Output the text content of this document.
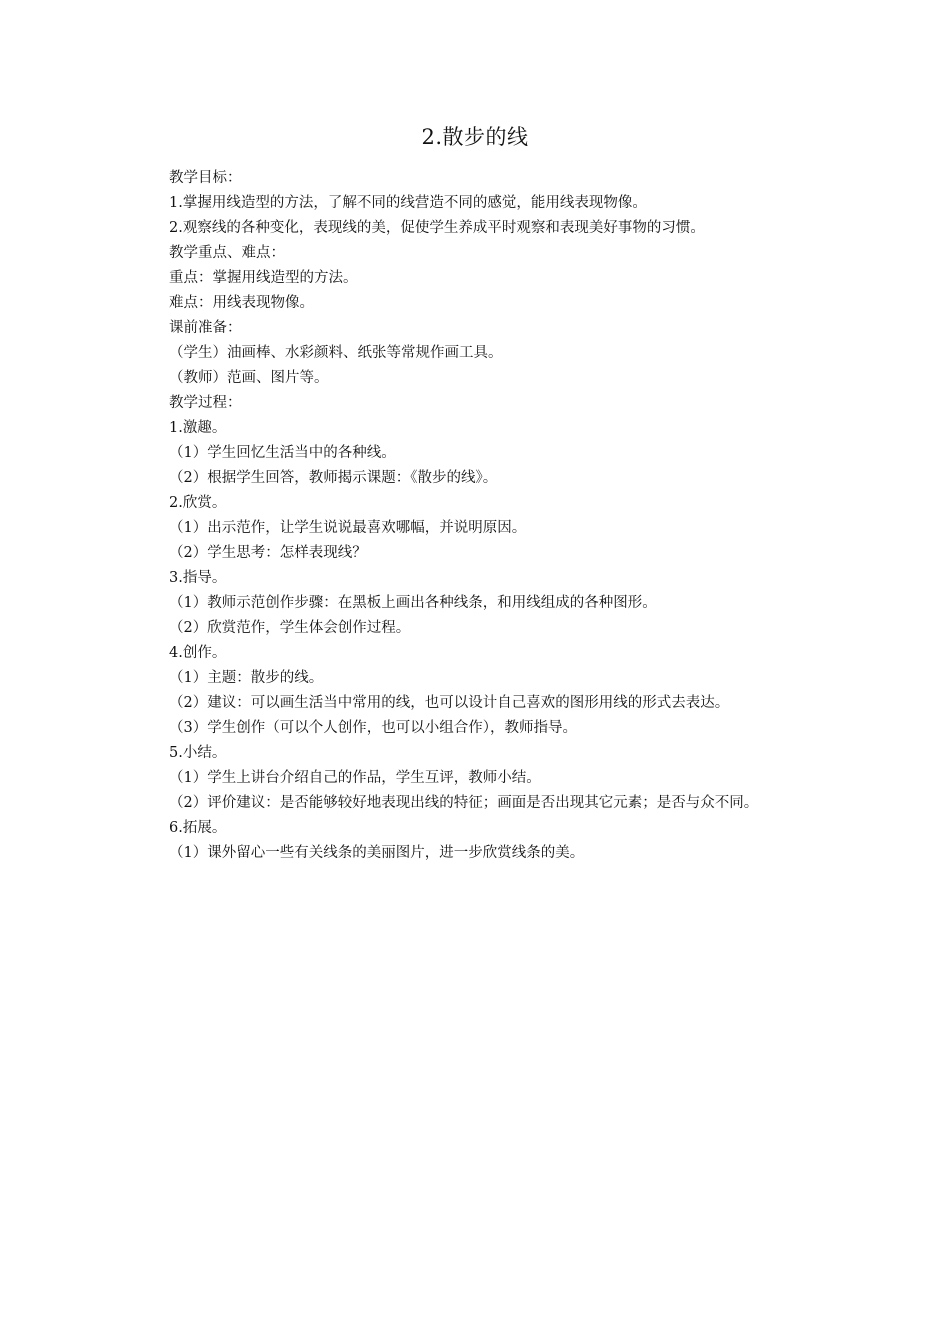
2.散步的线
教学目标：
1.掌握用线造型的方法，了解不同的线营造不同的感觉，能用线表现物像。
2.观察线的各种变化，表现线的美，促使学生养成平时观察和表现美好事物的习惯。
教学重点、难点：
重点：掌握用线造型的方法。
难点：用线表现物像。
课前准备：
（学生）油画棒、水彩颜料、纸张等常规作画工具。
（教师）范画、图片等。
教学过程：
1.激趣。
（1）学生回忆生活当中的各种线。
（2）根据学生回答，教师揭示课题：《散步的线》。
2.欣赏。
（1）出示范作，让学生说说最喜欢哪幅，并说明原因。
（2）学生思考：怎样表现线？
3.指导。
（1）教师示范创作步骤：在黑板上画出各种线条，和用线组成的各种图形。
（2）欣赏范作，学生体会创作过程。
4.创作。
（1）主题：散步的线。
（2）建议：可以画生活当中常用的线，也可以设计自己喜欢的图形用线的形式去表达。
（3）学生创作（可以个人创作，也可以小组合作），教师指导。
5.小结。
（1）学生上讲台介绍自己的作品，学生互评，教师小结。
（2）评价建议：是否能够较好地表现出线的特征；画面是否出现其它元素；是否与众不同。
6.拓展。
（1）课外留心一些有关线条的美丽图片，进一步欣赏线条的美。
